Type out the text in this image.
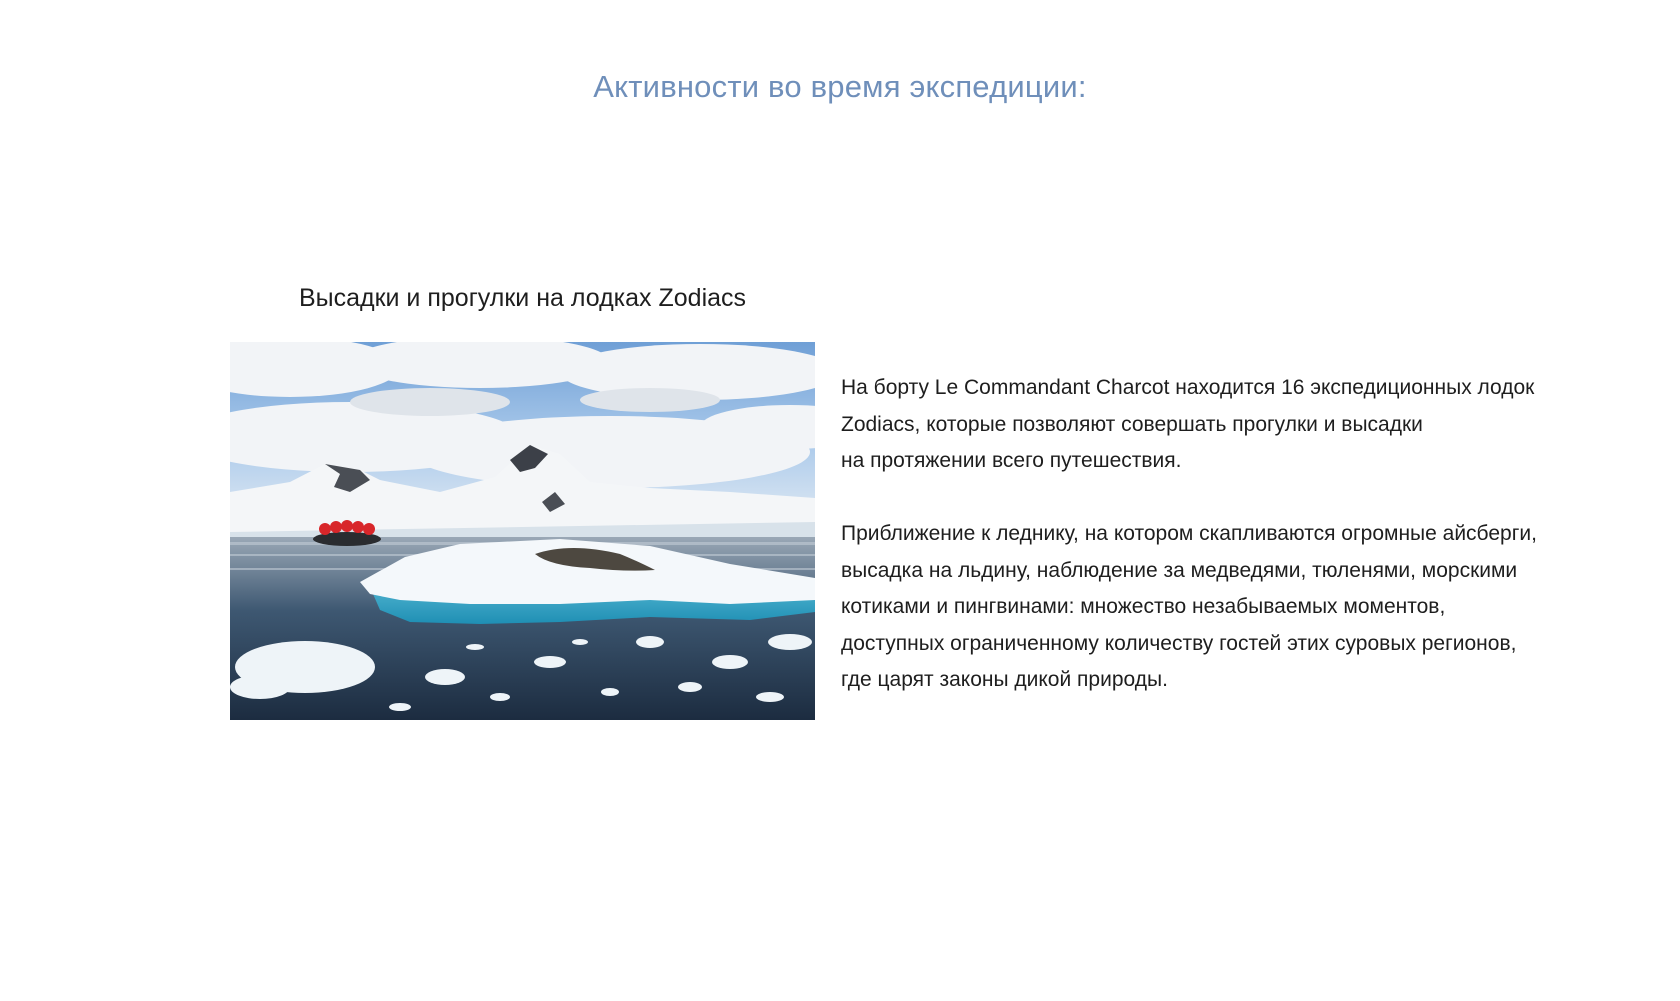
Активности во время экспедиции:
Высадки и прогулки на лодках Zodiacs

На борту Le Commandant Charcot находится 16 экспедиционных лодок
Zodiacs, которые позволяют совершать прогулки и высадки
на протяжении всего путешествия.

Приближение к леднику, на котором скапливаются огромные айсберги,
высадка на льдину, наблюдение за медведями, тюленями, морскими
котиками и пингвинами: множество незабываемых моментов,
доступных ограниченному количеству гостей этих суровых регионов,
где царят законы дикой природы.
